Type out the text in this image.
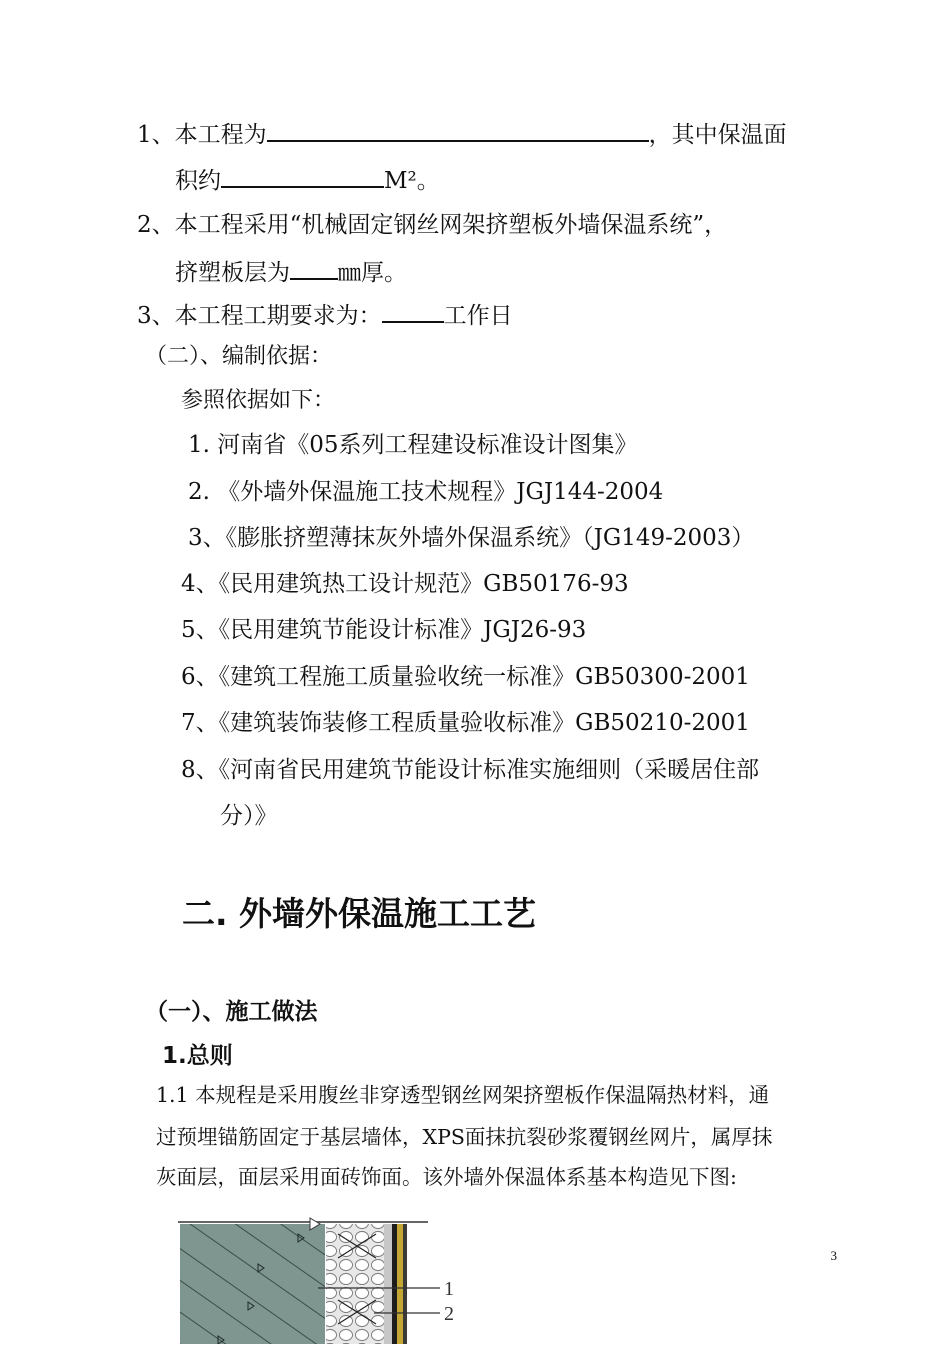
1、本工程为	，其中保温面
积约	M²。
2、本工程采用“机械固定钢丝网架挤塑板外墙保温系统”，
挤塑板层为 ㎜厚。
3、本工程工期要求为：	工作日
（二）、编制依据：
参照依据如下：
1. 河南省《05系列工程建设标准设计图集》
2. 《外墙外保温施工技术规程》JGJ144-2004
3、《膨胀挤塑薄抹灰外墙外保温系统》（JG149-2003）
4、《民用建筑热工设计规范》GB50176-93
5、《民用建筑节能设计标准》JGJ26-93
6、《建筑工程施工质量验收统一标准》GB50300-2001
7、《建筑装饰装修工程质量验收标准》GB50210-2001
8、《河南省民用建筑节能设计标准实施细则（采暖居住部
分）》
二. 外墙外保温施工工艺
（一）、施工做法
1.总则
1.1 本规程是采用腹丝非穿透型钢丝网架挤塑板作保温隔热材料，通
过预埋锚筋固定于基层墙体，XPS面抹抗裂砂浆覆钢丝网片，属厚抹
灰面层，面层采用面砖饰面。该外墙外保温体系基本构造见下图:
1
2
3
